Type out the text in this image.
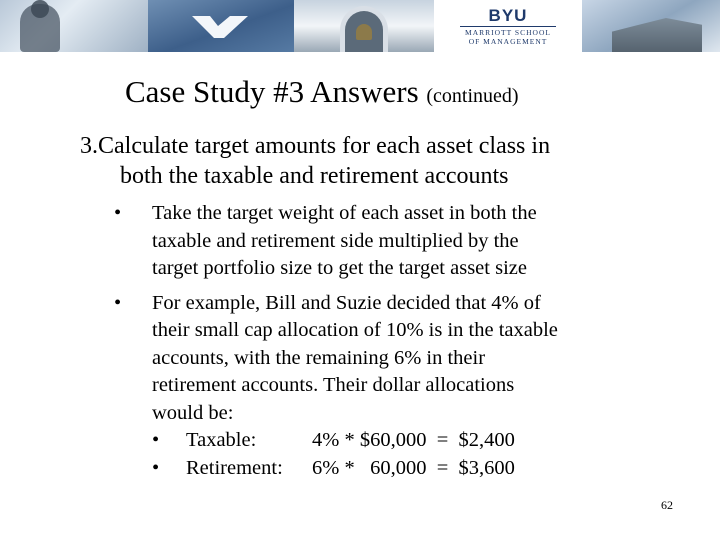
BYU
MARRIOTT SCHOOL
OF MANAGEMENT
Case Study #3 Answers (continued)
3.Calculate target amounts for each asset class in
both the taxable and retirement accounts
•	Take the target weight of each asset in both the
taxable and retirement side multiplied by the
target portfolio size to get the target asset size
•	For example, Bill and Suzie decided that 4% of
their small cap allocation of 10% is in the taxable
accounts, with the remaining 6% in their
retirement accounts. Their dollar allocations
would be:
•	Taxable:	4% * $60,000  =  $2,400
•	Retirement:	6% *   60,000  =  $3,600
62
